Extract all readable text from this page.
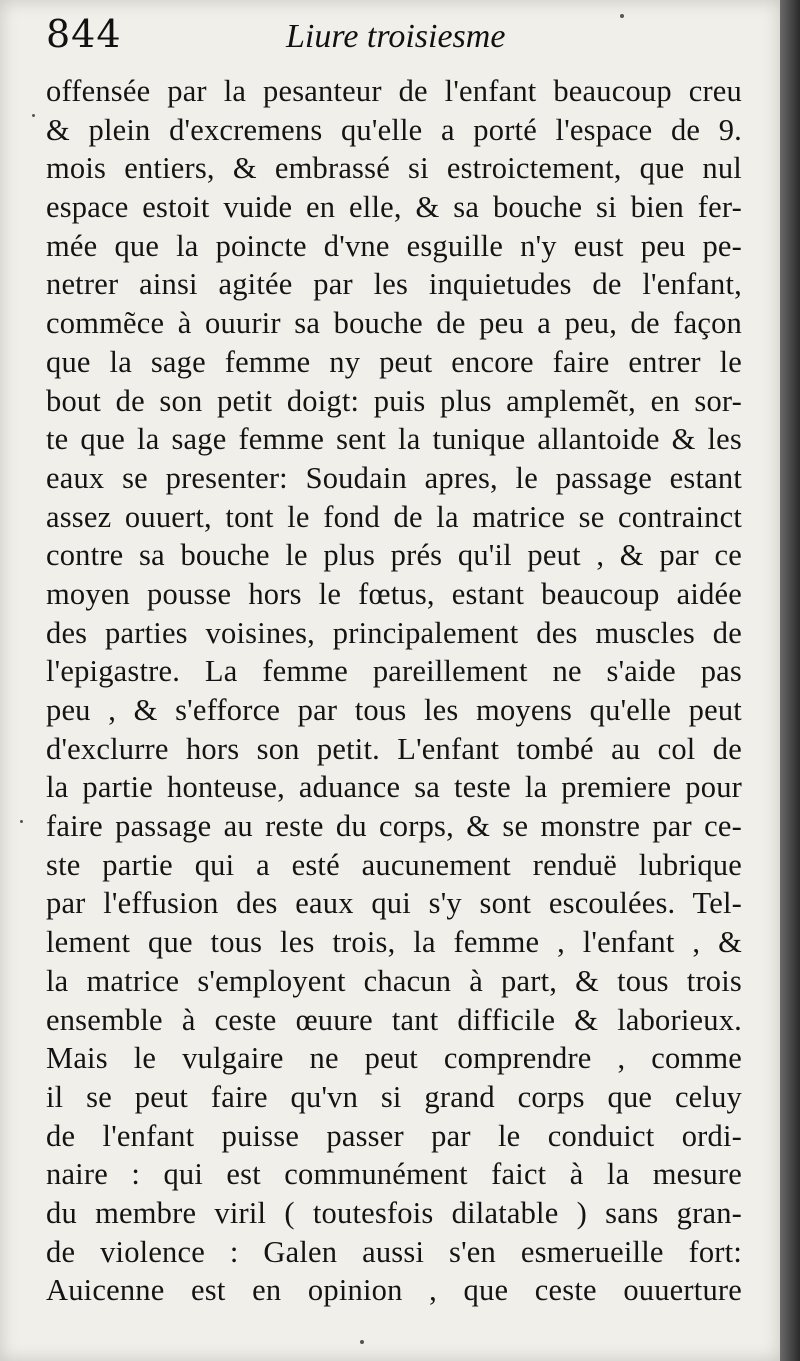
844	Liure troisiesme
offensée par la pesanteur de l'enfant beaucoup creu
& plein d'excremens qu'elle a porté l'espace de 9.
mois entiers, & embrassé si estroictement, que nul
espace estoit vuide en elle, & sa bouche si bien fer-
mée que la poincte d'vne esguille n'y eust peu pe-
netrer ainsi agitée par les inquietudes de l'enfant,
commẽce à ouurir sa bouche de peu a peu, de façon
que la sage femme ny peut encore faire entrer le
bout de son petit doigt: puis plus amplemẽt, en sor-
te que la sage femme sent la tunique allantoide & les
eaux se presenter: Soudain apres, le passage estant
assez ouuert, tont le fond de la matrice se contrainct
contre sa bouche le plus prés qu'il peut , & par ce
moyen pousse hors le fœtus, estant beaucoup aidée
des parties voisines, principalement des muscles de
l'epigastre. La femme pareillement ne s'aide pas
peu , & s'efforce par tous les moyens qu'elle peut
d'exclurre hors son petit. L'enfant tombé au col de
la partie honteuse, aduance sa teste la premiere pour
faire passage au reste du corps, & se monstre par ce-
ste partie qui a esté aucunement renduë lubrique
par l'effusion des eaux qui s'y sont escoulées. Tel-
lement que tous les trois, la femme , l'enfant , &
la matrice s'employent chacun à part, & tous trois
ensemble à ceste œuure tant difficile & laborieux.
Mais le vulgaire ne peut comprendre , comme
il se peut faire qu'vn si grand corps que celuy
de l'enfant puisse passer par le conduict ordi-
naire : qui est communément faict à la mesure
du membre viril ( toutesfois dilatable ) sans gran-
de violence : Galen aussi s'en esmerueille fort:
Auicenne est en opinion , que ceste ouuerture
